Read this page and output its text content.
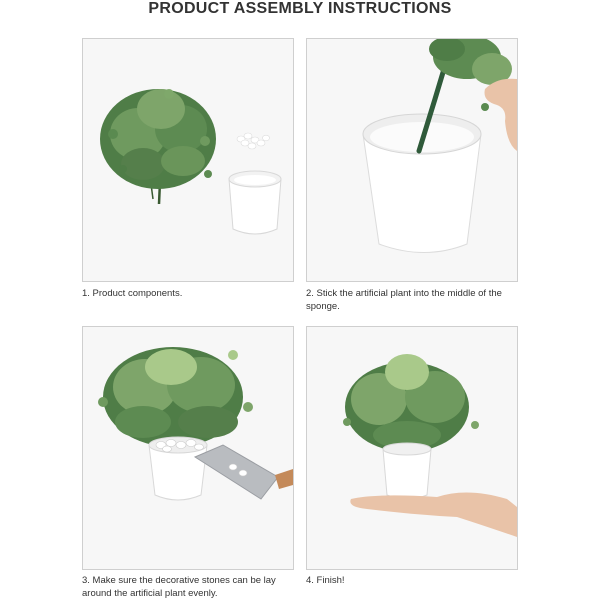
PRODUCT ASSEMBLY INSTRUCTIONS
1. Product components.	2. Stick the artificial plant into the middle of the sponge.
3. Make sure the decorative stones can be lay around the artificial plant evenly.
4. Finish!
